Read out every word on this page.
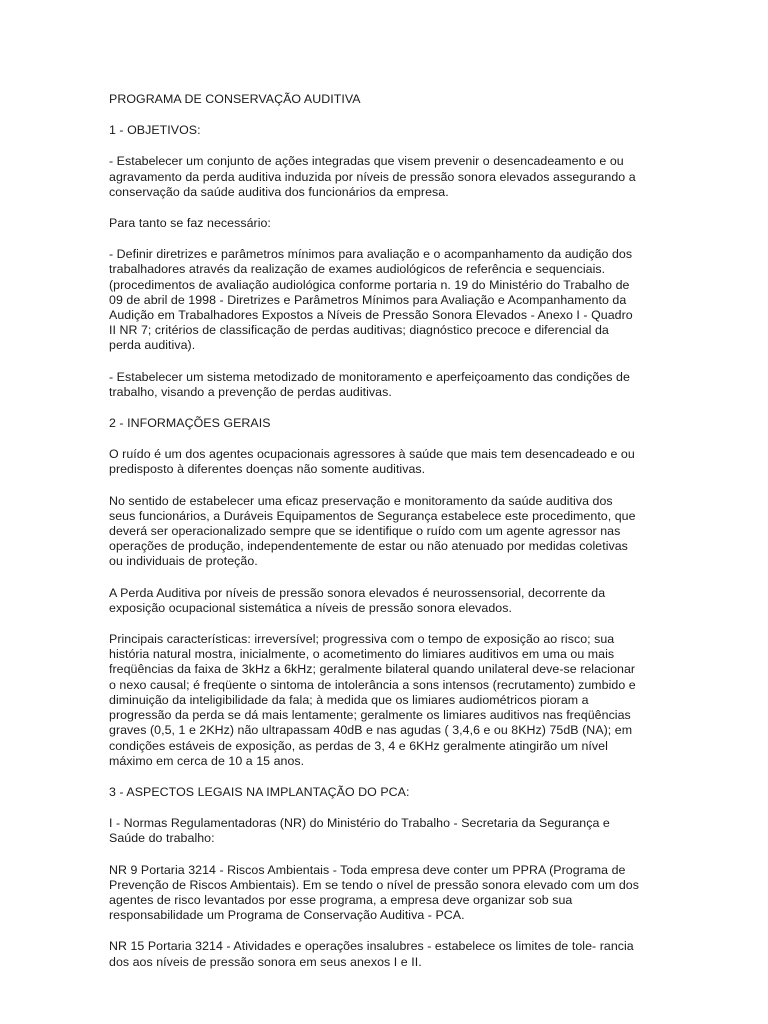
PROGRAMA DE CONSERVAÇÃO AUDITIVA

1 - OBJETIVOS:

- Estabelecer um conjunto de ações integradas que visem prevenir o desencadeamento e ou
agravamento da perda auditiva induzida por níveis de pressão sonora elevados assegurando a
conservação da saúde auditiva dos funcionários da empresa.

Para tanto se faz necessário:

- Definir diretrizes e parâmetros mínimos para avaliação e o acompanhamento da audição dos
trabalhadores através da realização de exames audiológicos de referência e sequenciais.
(procedimentos de avaliação audiológica conforme portaria n. 19 do Ministério do Trabalho de
09 de abril de 1998 - Diretrizes e Parâmetros Mínimos para Avaliação e Acompanhamento da
Audição em Trabalhadores Expostos a Níveis de Pressão Sonora Elevados - Anexo I - Quadro
II NR 7; critérios de classificação de perdas auditivas; diagnóstico precoce e diferencial da
perda auditiva).

- Estabelecer um sistema metodizado de monitoramento e aperfeiçoamento das condições de
trabalho, visando a prevenção de perdas auditivas.

2 - INFORMAÇÕES GERAIS

O ruído é um dos agentes ocupacionais agressores à saúde que mais tem desencadeado e ou
predisposto à diferentes doenças não somente auditivas.

No sentido de estabelecer uma eficaz preservação e monitoramento da saúde auditiva dos
seus funcionários, a Duráveis Equipamentos de Segurança estabelece este procedimento, que
deverá ser operacionalizado sempre que se identifique o ruído com um agente agressor nas
operações de produção, independentemente de estar ou não atenuado por medidas coletivas
ou individuais de proteção.

A Perda Auditiva por níveis de pressão sonora elevados é neurossensorial, decorrente da
exposição ocupacional sistemática a níveis de pressão sonora elevados.

Principais características: irreversível; progressiva com o tempo de exposição ao risco; sua
história natural mostra, inicialmente, o acometimento do limiares auditivos em uma ou mais
freqüências da faixa de 3kHz a 6kHz; geralmente bilateral quando unilateral deve-se relacionar
o nexo causal; é freqüente o sintoma de intolerância a sons intensos (recrutamento) zumbido e
diminuição da inteligibilidade da fala; à medida que os limiares audiométricos pioram a
progressão da perda se dá mais lentamente; geralmente os limiares auditivos nas freqüências
graves (0,5, 1 e 2KHz) não ultrapassam 40dB e nas agudas ( 3,4,6 e ou 8KHz) 75dB (NA); em
condições estáveis de exposição, as perdas de 3, 4 e 6KHz geralmente atingirão um nível
máximo em cerca de 10 a 15 anos.

3 - ASPECTOS LEGAIS NA IMPLANTAÇÃO DO PCA:

I - Normas Regulamentadoras (NR) do Ministério do Trabalho - Secretaria da Segurança e
Saúde do trabalho:

NR 9 Portaria 3214 - Riscos Ambientais - Toda empresa deve conter um PPRA (Programa de
Prevenção de Riscos Ambientais). Em se tendo o nível de pressão sonora elevado com um dos
agentes de risco levantados por esse programa, a empresa deve organizar sob sua
responsabilidade um Programa de Conservação Auditiva - PCA.

NR 15 Portaria 3214 - Atividades e operações insalubres - estabelece os limites de tole- rancia
dos aos níveis de pressão sonora em seus anexos I e II.
